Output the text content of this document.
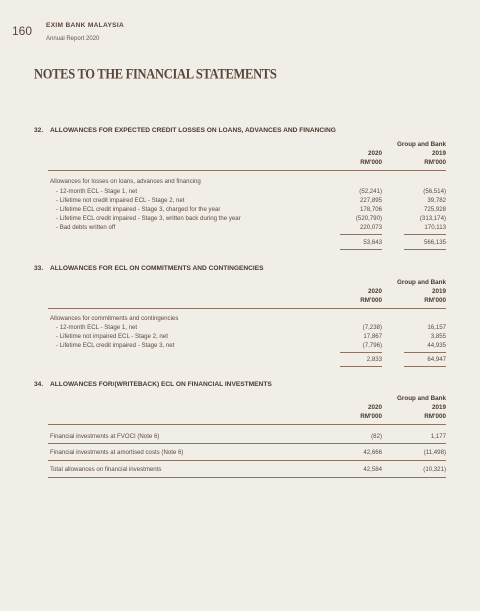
160 EXIM BANK MALAYSIA
Annual Report 2020
NOTES TO THE FINANCIAL STATEMENTS
32.	ALLOWANCES FOR EXPECTED CREDIT LOSSES ON LOANS, ADVANCES AND FINANCING
Group and Bank
2020	2019
RM'000	RM'000
Allowances for losses on loans, advances and financing
- 12-month ECL - Stage 1, net	(52,241)	(56,514)
- Lifetime not credit impaired ECL - Stage 2, net	227,895	39,782
- Lifetime ECL credit impaired - Stage 3, charged for the year	178,706	725,928
- Lifetime ECL credit impaired - Stage 3, written back during the year	(520,790)	(313,174)
- Bad debts written off	220,073	170,113
53,643	566,135
33.	ALLOWANCES FOR ECL ON COMMITMENTS AND CONTINGENCIES
Group and Bank
2020	2019
RM'000	RM'000
Allowances for commitments and contingencies
- 12-month ECL - Stage 1, net	(7,238)	16,157
- Lifetime not impaired ECL - Stage 2, net	17,867	3,855
- Lifetime ECL credit impaired - Stage 3, net	(7,796)	44,935
2,833	64,947
34.	ALLOWANCES FOR/(WRITEBACK) ECL ON FINANCIAL INVESTMENTS
Group and Bank
2020	2019
RM'000	RM'000
Financial investments at FVOCI (Note 6)	(82)	1,177
Financial investments at amortised costs (Note 6)	42,666	(11,498)
Total allowances on financial investments	42,584	(10,321)
